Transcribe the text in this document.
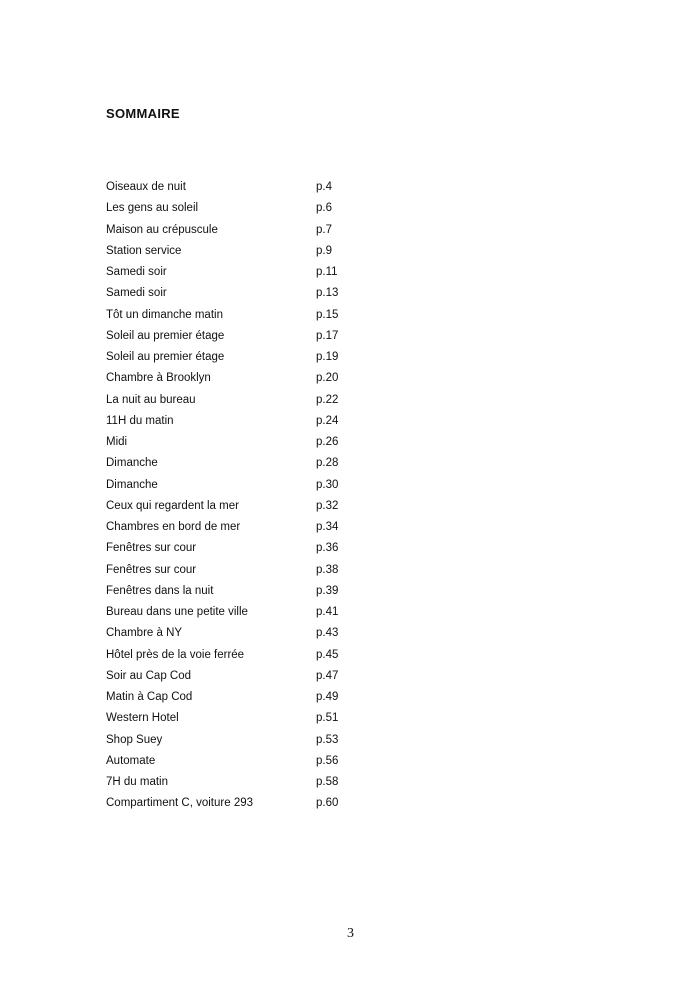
SOMMAIRE
Oiseaux de nuit	p.4
Les gens au soleil	p.6
Maison au crépuscule	p.7
Station service	p.9
Samedi soir	p.11
Samedi soir	p.13
Tôt un dimanche matin	p.15
Soleil au premier étage	p.17
Soleil au premier étage	p.19
Chambre à Brooklyn	p.20
La nuit au bureau	p.22
11H du matin	p.24
Midi	p.26
Dimanche	p.28
Dimanche	p.30
Ceux qui regardent la mer	p.32
Chambres en bord de mer	p.34
Fenêtres sur cour	p.36
Fenêtres sur cour	p.38
Fenêtres dans la nuit	p.39
Bureau dans une petite ville	p.41
Chambre à NY	p.43
Hôtel près de la voie ferrée	p.45
Soir au Cap Cod	p.47
Matin à Cap Cod	p.49
Western Hotel	p.51
Shop Suey	p.53
Automate	p.56
7H du matin	p.58
Compartiment C, voiture 293	p.60
3
